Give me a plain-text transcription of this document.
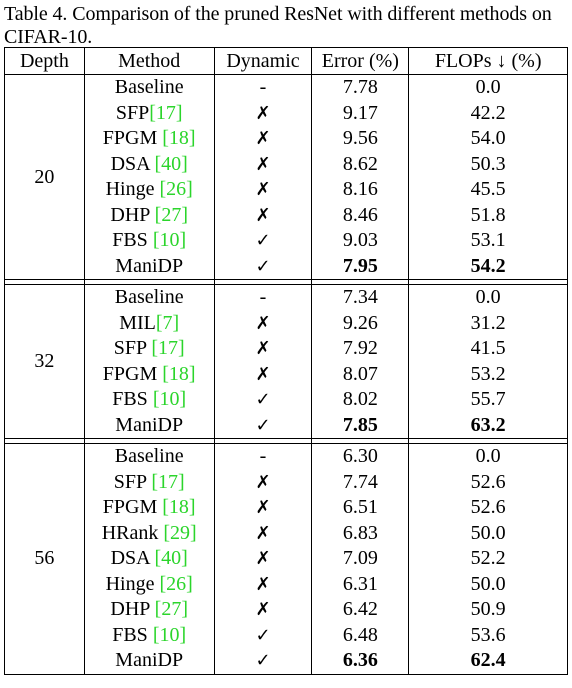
Table 4. Comparison of the pruned ResNet with different methods on CIFAR-10.
Depth	Method	Dynamic	Error (%)	FLOPs ↓ (%)
20	Baseline	-	7.78	0.0
	SFP[17]	✗	9.17	42.2
	FPGM [18]	✗	9.56	54.0
	DSA [40]	✗	8.62	50.3
	Hinge [26]	✗	8.16	45.5
	DHP [27]	✗	8.46	51.8
	FBS [10]	✓	9.03	53.1
	ManiDP	✓	7.95	54.2

32	Baseline	-	7.34	0.0
	MIL[7]	✗	9.26	31.2
	SFP [17]	✗	7.92	41.5
	FPGM [18]	✗	8.07	53.2
	FBS [10]	✓	8.02	55.7
	ManiDP	✓	7.85	63.2

56	Baseline	-	6.30	0.0
	SFP [17]	✗	7.74	52.6
	FPGM [18]	✗	6.51	52.6
	HRank [29]	✗	6.83	50.0
	DSA [40]	✗	7.09	52.2
	Hinge [26]	✗	6.31	50.0
	DHP [27]	✗	6.42	50.9
	FBS [10]	✓	6.48	53.6
	ManiDP	✓	6.36	62.4
